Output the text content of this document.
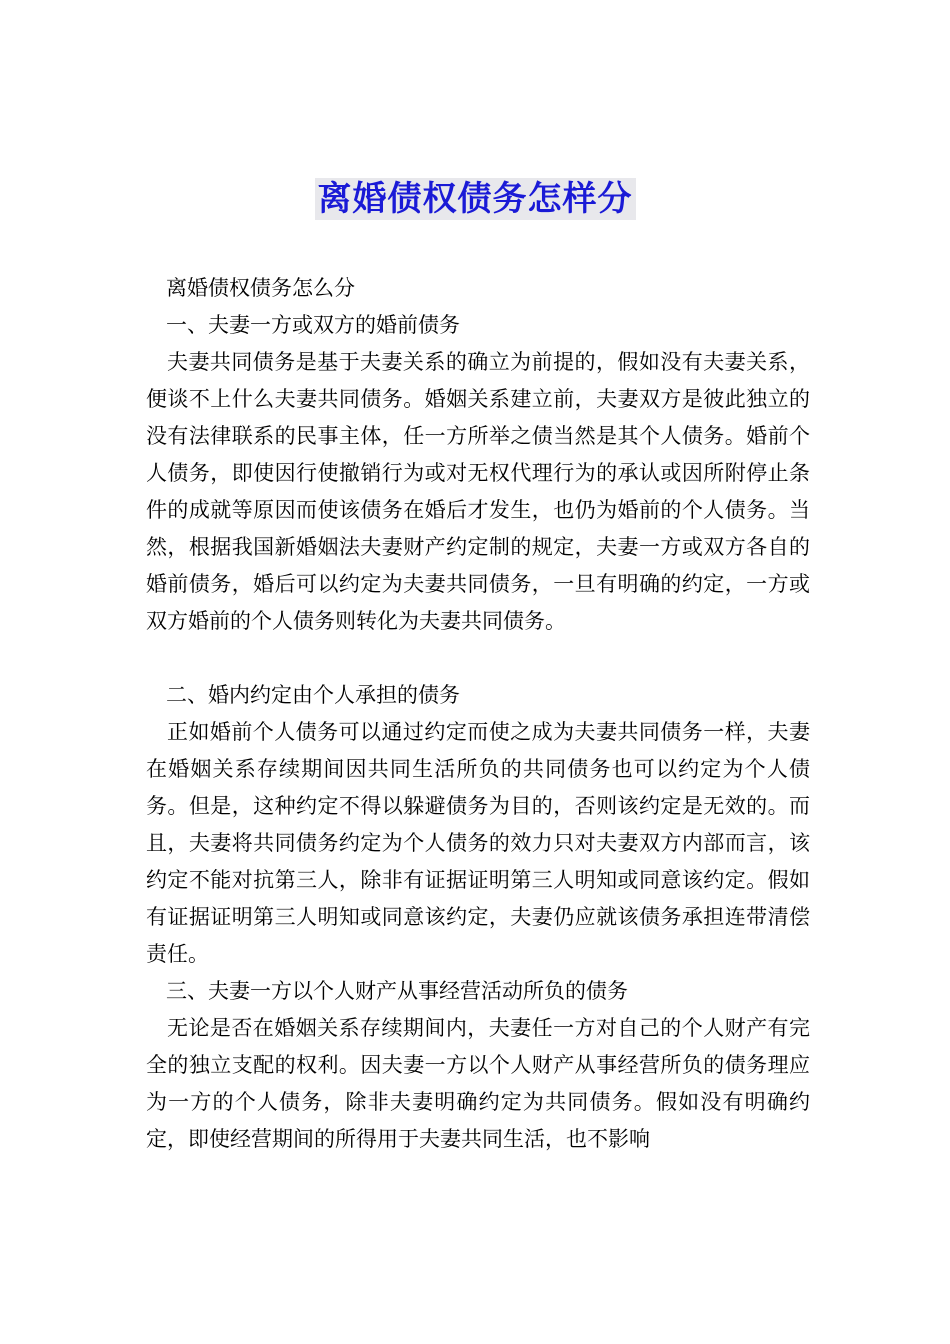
离婚债权债务怎样分

离婚债权债务怎么分

一、夫妻一方或双方的婚前债务

夫妻共同债务是基于夫妻关系的确立为前提的，假如没有夫妻关系，便谈不上什么夫妻共同债务。婚姻关系建立前，夫妻双方是彼此独立的没有法律联系的民事主体，任一方所举之债当然是其个人债务。婚前个人债务，即使因行使撤销行为或对无权代理行为的承认或因所附停止条件的成就等原因而使该债务在婚后才发生，也仍为婚前的个人债务。当然，根据我国新婚姻法夫妻财产约定制的规定，夫妻一方或双方各自的婚前债务，婚后可以约定为夫妻共同债务，一旦有明确的约定，一方或双方婚前的个人债务则转化为夫妻共同债务。

二、婚内约定由个人承担的债务

正如婚前个人债务可以通过约定而使之成为夫妻共同债务一样，夫妻在婚姻关系存续期间因共同生活所负的共同债务也可以约定为个人债务。但是，这种约定不得以躲避债务为目的，否则该约定是无效的。而且，夫妻将共同债务约定为个人债务的效力只对夫妻双方内部而言，该约定不能对抗第三人，除非有证据证明第三人明知或同意该约定。假如有证据证明第三人明知或同意该约定，夫妻仍应就该债务承担连带清偿责任。

三、夫妻一方以个人财产从事经营活动所负的债务

无论是否在婚姻关系存续期间内，夫妻任一方对自己的个人财产有完全的独立支配的权利。因夫妻一方以个人财产从事经营所负的债务理应为一方的个人债务，除非夫妻明确约定为共同债务。假如没有明确约定，即使经营期间的所得用于夫妻共同生活，也不影响
